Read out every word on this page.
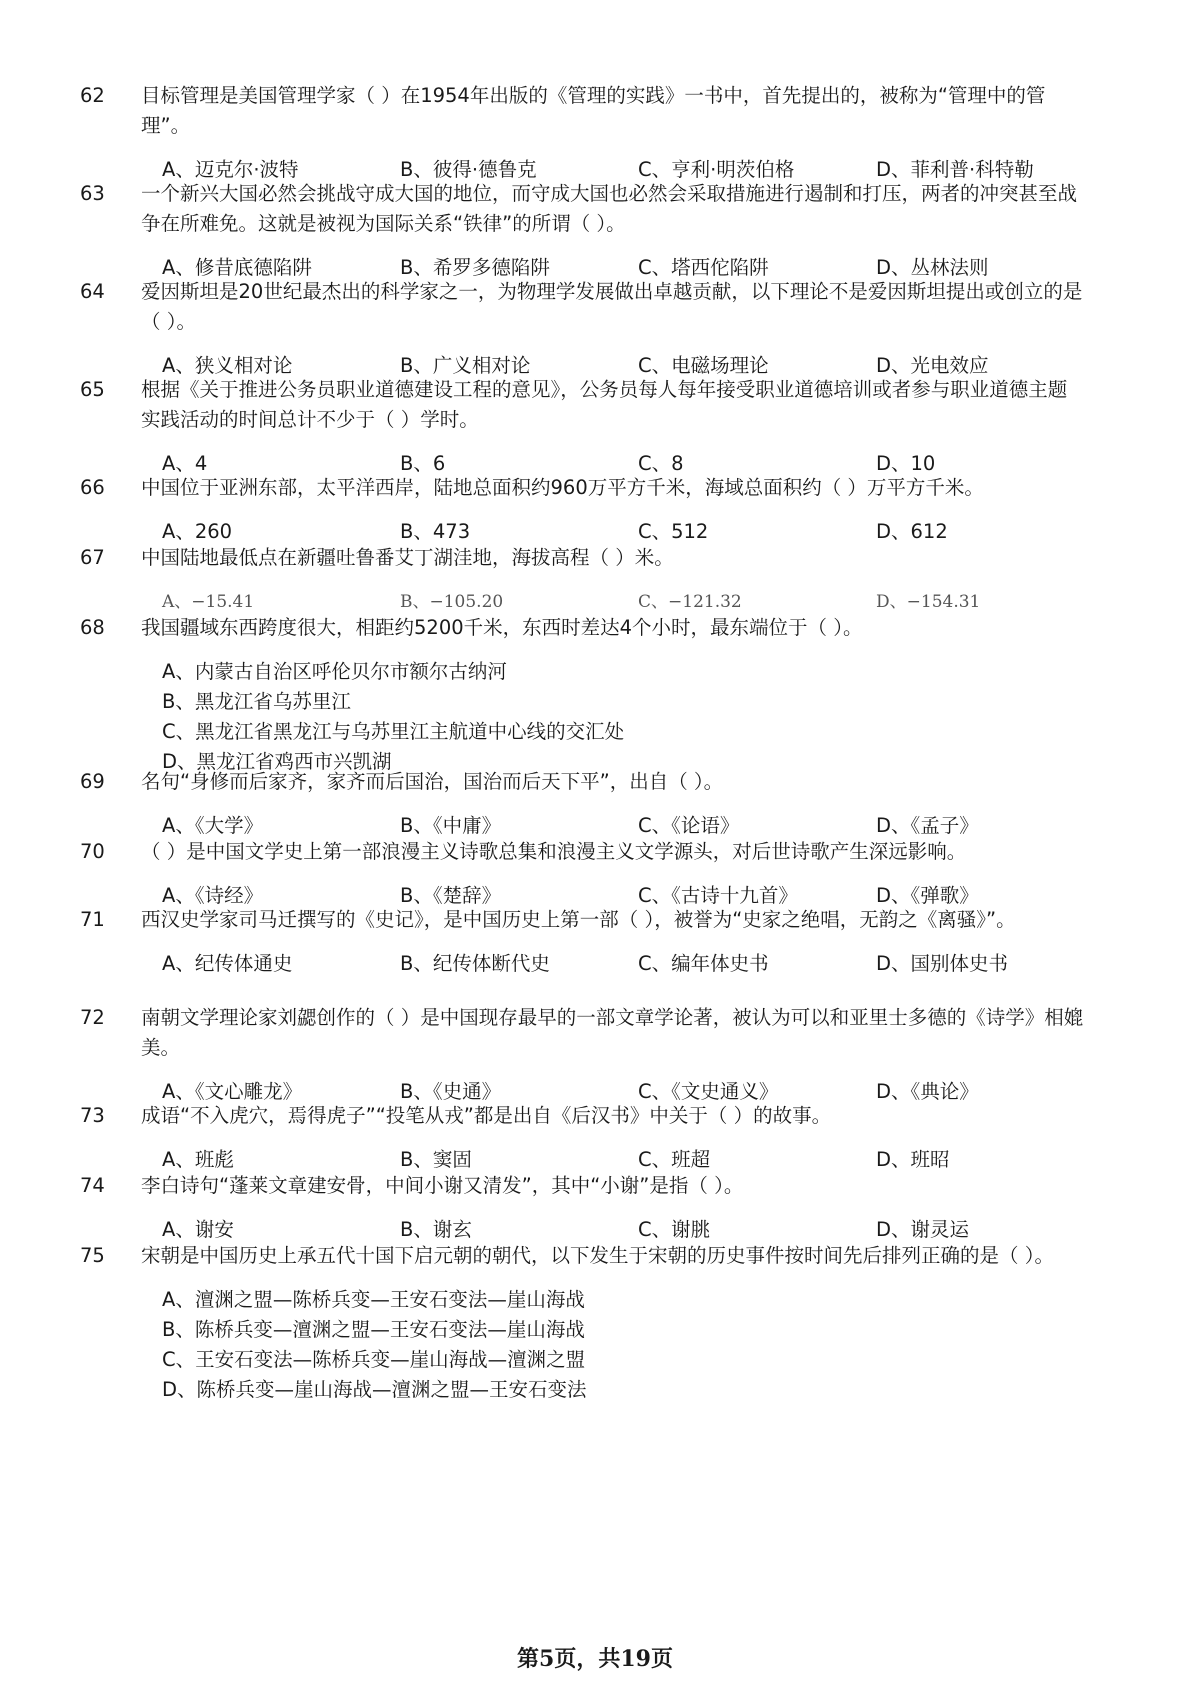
62	目标管理是美国管理学家（ ）在1954年出版的《管理的实践》一书中，首先提出的，被称为“管理中的管理”。
A、迈克尔·波特	B、彼得·德鲁克	C、亨利·明茨伯格	D、菲利普·科特勒
63	一个新兴大国必然会挑战守成大国的地位，而守成大国也必然会采取措施进行遏制和打压，两者的冲突甚至战争在所难免。这就是被视为国际关系“铁律”的所谓（ ）。
A、修昔底德陷阱	B、希罗多德陷阱	C、塔西佗陷阱	D、丛林法则
64	爱因斯坦是20世纪最杰出的科学家之一，为物理学发展做出卓越贡献，以下理论不是爱因斯坦提出或创立的是（ ）。
A、狭义相对论	B、广义相对论	C、电磁场理论	D、光电效应
65	根据《关于推进公务员职业道德建设工程的意见》，公务员每人每年接受职业道德培训或者参与职业道德主题实践活动的时间总计不少于（ ）学时。
A、4	B、6	C、8	D、10
66	中国位于亚洲东部，太平洋西岸，陆地总面积约960万平方千米，海域总面积约（ ）万平方千米。
A、260	B、473	C、512	D、612
67	中国陆地最低点在新疆吐鲁番艾丁湖洼地，海拔高程（ ）米。
A、−15.41	B、−105.20	C、−121.32	D、−154.31
68	我国疆域东西跨度很大，相距约5200千米，东西时差达4个小时，最东端位于（ ）。
A、内蒙古自治区呼伦贝尔市额尔古纳河
B、黑龙江省乌苏里江
C、黑龙江省黑龙江与乌苏里江主航道中心线的交汇处
D、黑龙江省鸡西市兴凯湖
69	名句“身修而后家齐，家齐而后国治，国治而后天下平”，出自（ ）。
A、《大学》	B、《中庸》	C、《论语》	D、《孟子》
70	（ ）是中国文学史上第一部浪漫主义诗歌总集和浪漫主义文学源头，对后世诗歌产生深远影响。
A、《诗经》	B、《楚辞》	C、《古诗十九首》	D、《弹歌》
71	西汉史学家司马迁撰写的《史记》，是中国历史上第一部（ ），被誉为“史家之绝唱，无韵之《离骚》”。
A、纪传体通史	B、纪传体断代史	C、编年体史书	D、国别体史书
72	南朝文学理论家刘勰创作的（ ）是中国现存最早的一部文章学论著，被认为可以和亚里士多德的《诗学》相媲美。
A、《文心雕龙》	B、《史通》	C、《文史通义》	D、《典论》
73	成语“不入虎穴，焉得虎子”“投笔从戎”都是出自《后汉书》中关于（ ）的故事。
A、班彪	B、窦固	C、班超	D、班昭
74	李白诗句“蓬莱文章建安骨，中间小谢又清发”，其中“小谢”是指（ ）。
A、谢安	B、谢玄	C、谢朓	D、谢灵运
75	宋朝是中国历史上承五代十国下启元朝的朝代，以下发生于宋朝的历史事件按时间先后排列正确的是（ ）。
A、澶渊之盟—陈桥兵变—王安石变法—崖山海战
B、陈桥兵变—澶渊之盟—王安石变法—崖山海战
C、王安石变法—陈桥兵变—崖山海战—澶渊之盟
D、陈桥兵变—崖山海战—澶渊之盟—王安石变法
第5页，共19页
